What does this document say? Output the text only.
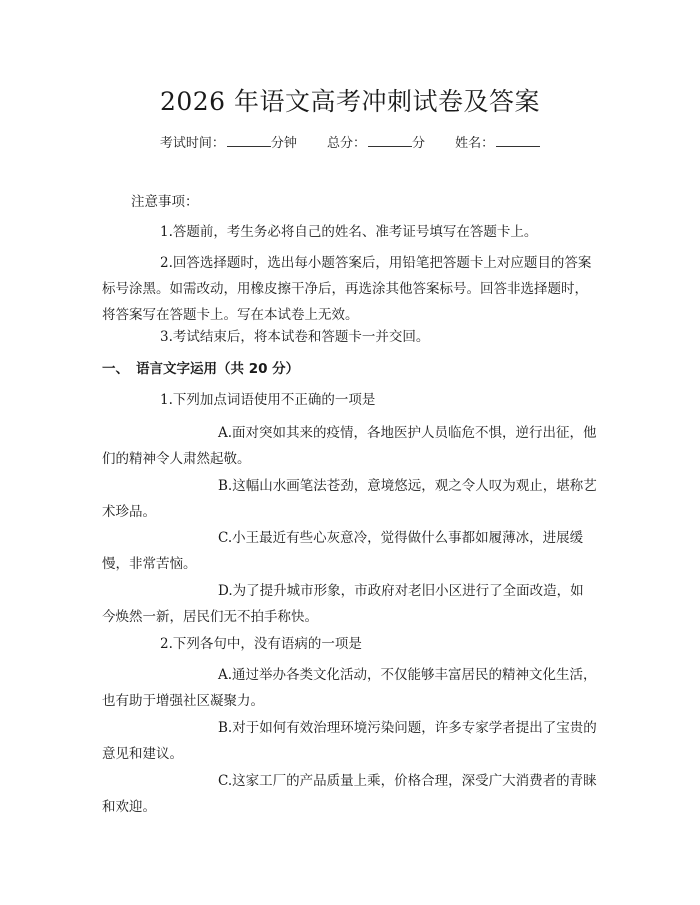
2026 年语文高考冲刺试卷及答案
考试时间：	分钟 总分：	分 姓名：
注意事项：
1.答题前，考生务必将自己的姓名、准考证号填写在答题卡上。
2.回答选择题时，选出每小题答案后，用铅笔把答题卡上对应题目的答案标号涂黑。如需改动，用橡皮擦干净后，再选涂其他答案标号。回答非选择题时，将答案写在答题卡上。写在本试卷上无效。
3.考试结束后，将本试卷和答题卡一并交回。
一、 语言文字运用（共 20 分）
1.下列加点词语使用不正确的一项是
A.面对突如其来的疫情，各地医护人员临危不惧，逆行出征，他们的精神令人肃然起敬。
B.这幅山水画笔法苍劲，意境悠远，观之令人叹为观止，堪称艺术珍品。
C.小王最近有些心灰意冷，觉得做什么事都如履薄冰，进展缓慢，非常苦恼。
D.为了提升城市形象，市政府对老旧小区进行了全面改造，如今焕然一新，居民们无不拍手称快。
2.下列各句中，没有语病的一项是
A.通过举办各类文化活动，不仅能够丰富居民的精神文化生活，也有助于增强社区凝聚力。
B.对于如何有效治理环境污染问题，许多专家学者提出了宝贵的意见和建议。
C.这家工厂的产品质量上乘，价格合理，深受广大消费者的青睐和欢迎。
